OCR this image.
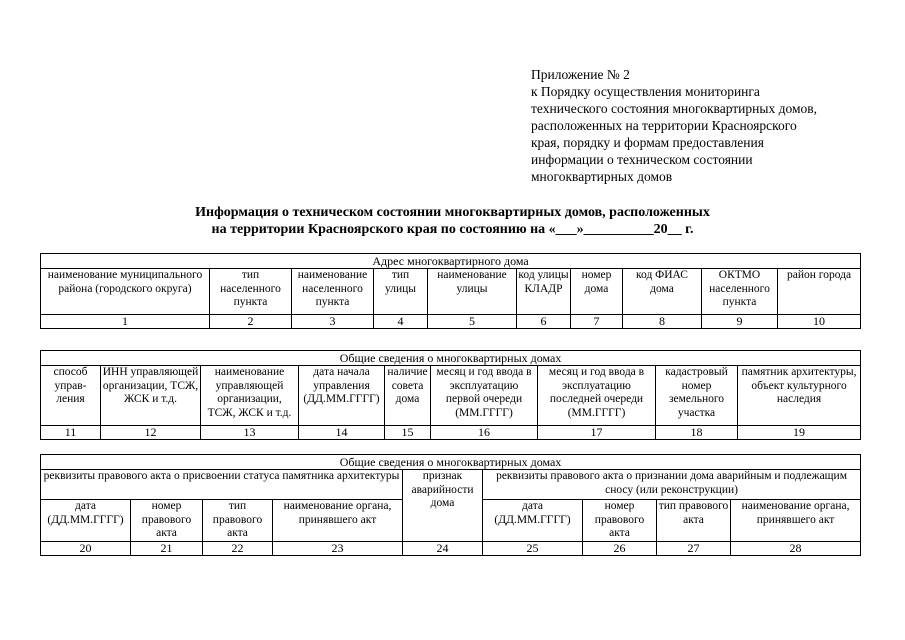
Приложение № 2
к Порядку осуществления мониторинга
технического состояния многоквартирных домов,
расположенных на территории Красноярского
края, порядку и формам предоставления
информации о техническом состоянии
многоквартирных домов
Информация о техническом состоянии многоквартирных домов, расположенных
на территории Красноярского края по состоянию на «___»__________20__ г.
Адрес многоквартирного дома									
наименование муниципального района (городского округа)	тип населенного пункта	наименование населенного пункта	тип улицы	наименование улицы	код улицы КЛАДР	номер дома	код ФИАС дома	ОКТМО населенного пункта	район города
1	2	3	4	5	6	7	8	9	10
Общие сведения о многоквартирных домах								
способ управ-ления	ИНН управляющей организации, ТСЖ, ЖСК и т.д.	наименование управляющей организации, ТСЖ, ЖСК и т.д.	дата начала управления (ДД.ММ.ГГГГ)	наличие совета дома	месяц и год ввода в эксплуатацию первой очереди (ММ.ГГГГ)	месяц и год ввода в эксплуатацию последней очереди (ММ.ГГГГ)	кадастровый номер земельного участка	памятник архитектуры, объект культурного наследия
11	12	13	14	15	16	17	18	19
Общие сведения о многоквартирных домах								
реквизиты правового акта о присвоении статуса памятника архитектуры				признак аварийности дома	реквизиты правового акта о признании дома аварийным и подлежащим сносу (или реконструкции)			
дата (ДД.ММ.ГГГГ)	номер правового акта	тип правового акта	наименование органа, принявшего акт		дата (ДД.ММ.ГГГГ)	номер правового акта	тип правового акта	наименование органа, принявшего акт
20	21	22	23	24	25	26	27	28
